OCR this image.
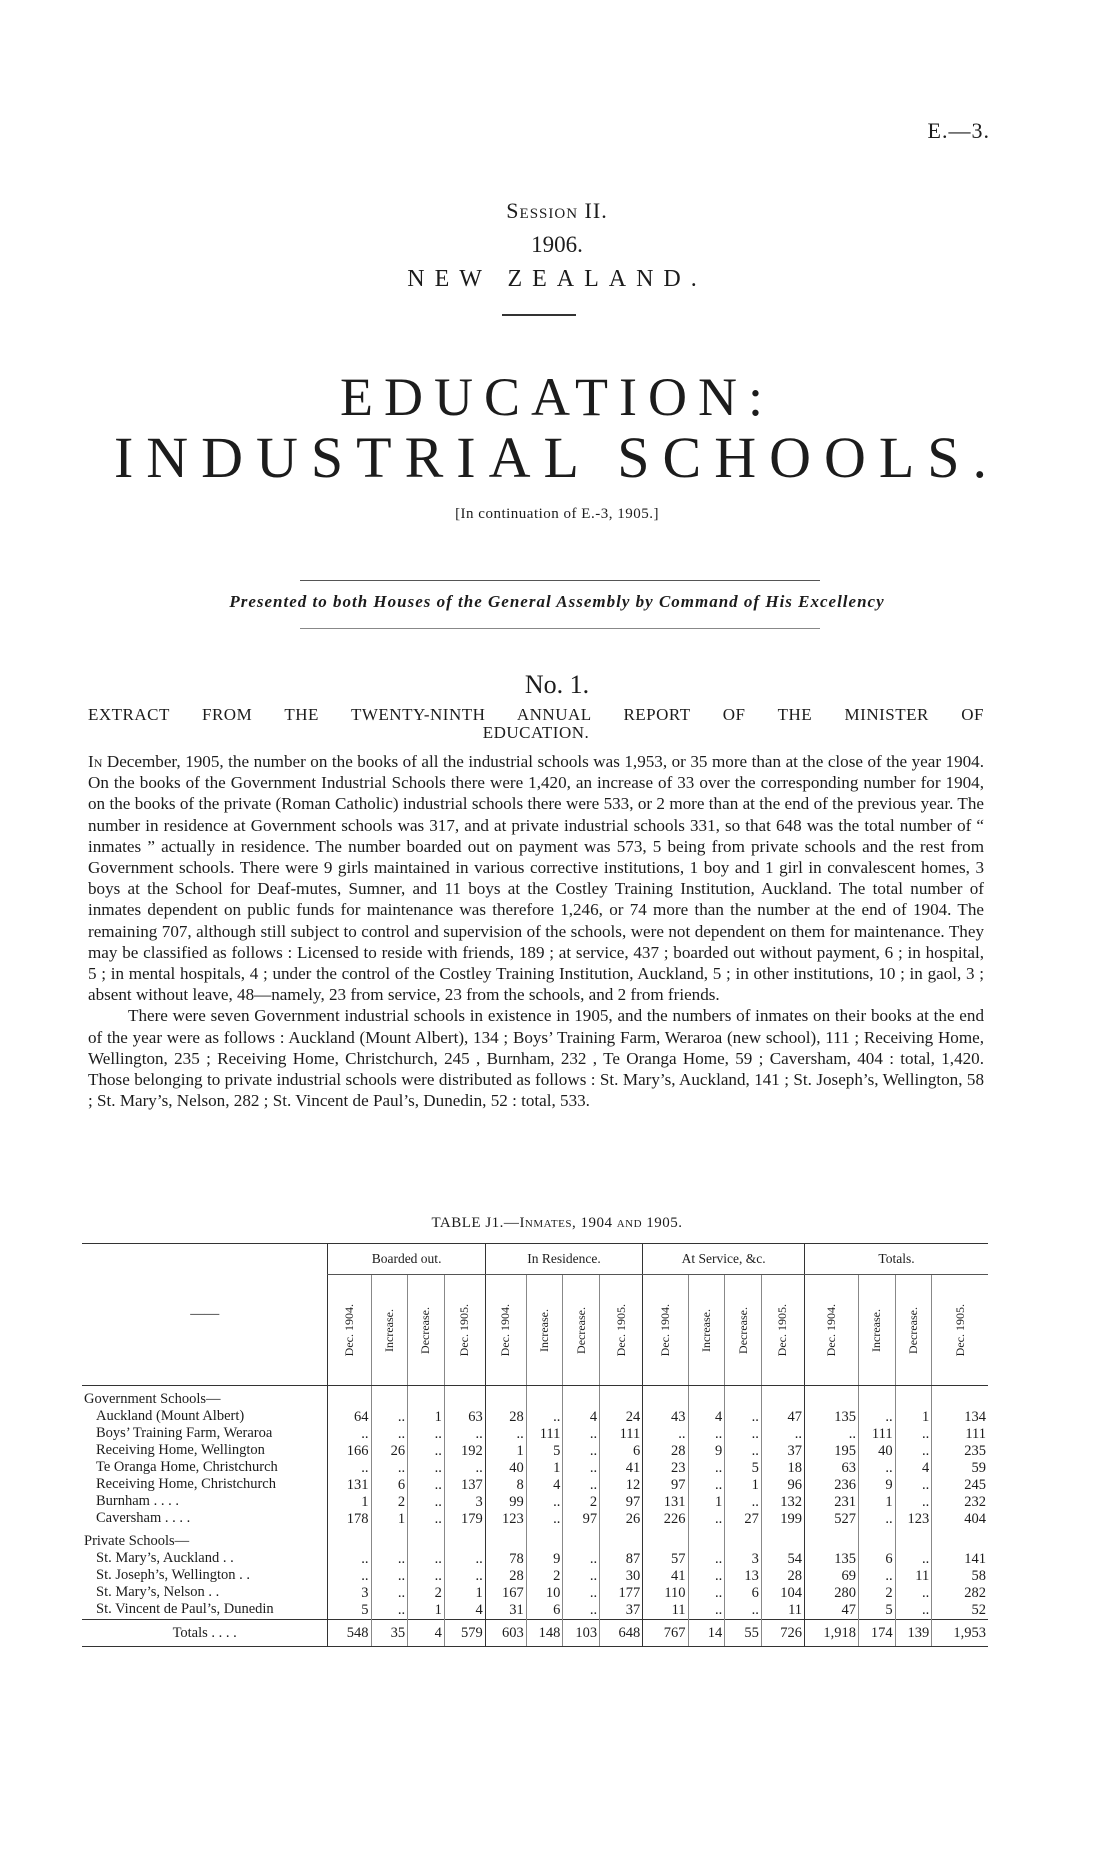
E.—3.
Session II.
1906.
NEW ZEALAND.
EDUCATION:
INDUSTRIAL SCHOOLS.
[In continuation of E.-3, 1905.]
Presented to both Houses of the General Assembly by Command of His Excellency
No. 1.
EXTRACT FROM THE TWENTY-NINTH ANNUAL REPORT OF THE MINISTER OF
EDUCATION.

In December, 1905, the number on the books of all the industrial schools was 1,953, or 35 more than at the close of the year 1904. On the books of the Government Industrial Schools there were 1,420, an increase of 33 over the corresponding number for 1904, on the books of the private (Roman Catholic) industrial schools there were 533, or 2 more than at the end of the previous year. The number in residence at Government schools was 317, and at private industrial schools 331, so that 648 was the total number of “ inmates ” actually in residence. The number boarded out on payment was 573, 5 being from private schools and the rest from Government schools. There were 9 girls maintained in various corrective institutions, 1 boy and 1 girl in convalescent homes, 3 boys at the School for Deaf-mutes, Sumner, and 11 boys at the Costley Training Institution, Auckland. The total number of inmates dependent on public funds for maintenance was therefore 1,246, or 74 more than the number at the end of 1904. The remaining 707, although still subject to control and supervision of the schools, were not dependent on them for maintenance. They may be classified as follows : Licensed to reside with friends, 189 ; at service, 437 ; boarded out without payment, 6 ; in hospital, 5 ; in mental hospitals, 4 ; under the control of the Costley Training Institution, Auckland, 5 ; in other institutions, 10 ; in gaol, 3 ; absent without leave, 48—namely, 23 from service, 23 from the schools, and 2 from friends.

There were seven Government industrial schools in existence in 1905, and the numbers of inmates on their books at the end of the year were as follows : Auckland (Mount Albert), 134 ; Boys’ Training Farm, Weraroa (new school), 111 ; Receiving Home, Wellington, 235 ; Receiving Home, Christchurch, 245 , Burnham, 232 , Te Oranga Home, 59 ; Caversham, 404 : total, 1,420. Those belonging to private industrial schools were distributed as follows : St. Mary’s, Auckland, 141 ; St. Joseph’s, Wellington, 58 ; St. Mary’s, Nelson, 282 ; St. Vincent de Paul’s, Dunedin, 52 : total, 533.

TABLE J1.—Inmates, 1904 and 1905.
——	Boarded out.				In Residence.				At Service, &c.				Totals.			

	Dec. 1904.	Increase.	Decrease.	Dec. 1905.	Dec. 1904.	Increase.	Decrease.	Dec. 1905.	Dec. 1904.	Increase.	Decrease.	Dec. 1905.	Dec. 1904.	Increase.	Decrease.	Dec. 1905.

Government Schools—																
Auckland (Mount Albert)	64	..	1	63	28	..	4	24	43	4	..	47	135	..	1	134
Boys’ Training Farm, Weraroa	..	..	..	..	..	111	..	111	..	..	..	..	..	111	..	111
Receiving Home, Wellington	166	26	..	192	1	5	..	6	28	9	..	37	195	40	..	235
Te Oranga Home, Christchurch	..	..	..	..	40	1	..	41	23	..	5	18	63	..	4	59
Receiving Home, Christchurch	131	6	..	137	8	4	..	12	97	..	1	96	236	9	..	245
Burnham . . . .	1	2	..	3	99	..	2	97	131	1	..	132	231	1	..	232
Caversham . . . .	178	1	..	179	123	..	97	26	226	..	27	199	527	..	123	404
Private Schools—																
St. Mary’s, Auckland . .	..	..	..	..	78	9	..	87	57	..	3	54	135	6	..	141
St. Joseph’s, Wellington . .	..	..	..	..	28	2	..	30	41	..	13	28	69	..	11	58
St. Mary’s, Nelson . .	3	..	2	1	167	10	..	177	110	..	6	104	280	2	..	282
St. Vincent de Paul’s, Dunedin	5	..	1	4	31	6	..	37	11	..	..	11	47	5	..	52
Totals . . . .	548	35	4	579	603	148	103	648	767	14	55	726	1,918	174	139	1,953
